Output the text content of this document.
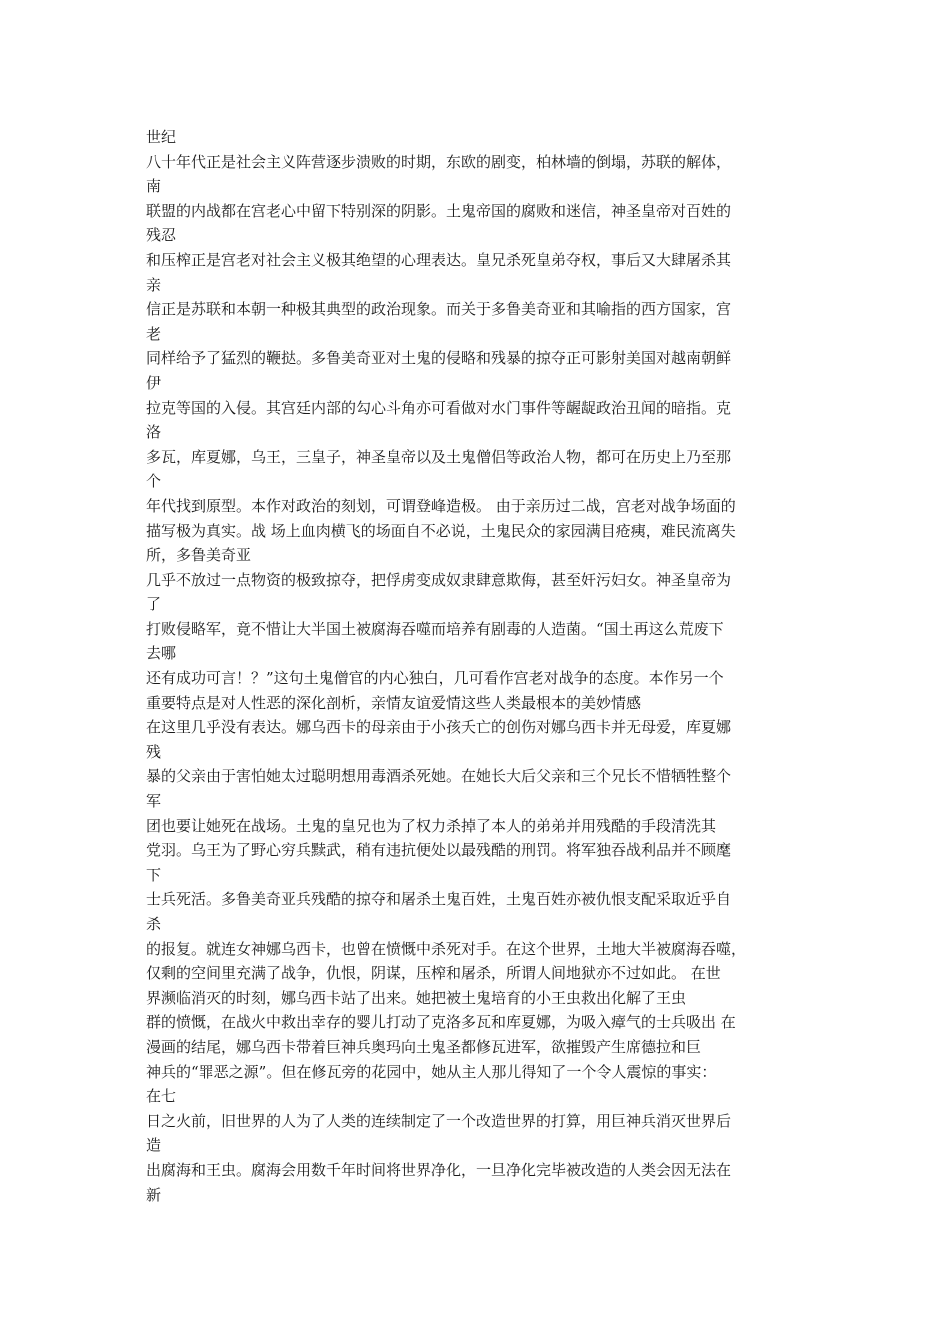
世纪
八十年代正是社会主义阵营逐步溃败的时期，东欧的剧变，柏林墙的倒塌，苏联的解体，
南
联盟的内战都在宫老心中留下特别深的阴影。土鬼帝国的腐败和迷信，神圣皇帝对百姓的
残忍
和压榨正是宫老对社会主义极其绝望的心理表达。皇兄杀死皇弟夺权，事后又大肆屠杀其
亲
信正是苏联和本朝一种极其典型的政治现象。而关于多鲁美奇亚和其喻指的西方国家，宫
老
同样给予了猛烈的鞭挞。多鲁美奇亚对土鬼的侵略和残暴的掠夺正可影射美国对越南朝鲜
伊
拉克等国的入侵。其宫廷内部的勾心斗角亦可看做对水门事件等龌龊政治丑闻的暗指。克
洛
多瓦，库夏娜，乌王，三皇子，神圣皇帝以及土鬼僧侣等政治人物，都可在历史上乃至那
个
年代找到原型。本作对政治的刻划，可谓登峰造极。 由于亲历过二战，宫老对战争场面的
描写极为真实。战 场上血肉横飞的场面自不必说，土鬼民众的家园满目疮痍，难民流离失
所，多鲁美奇亚
几乎不放过一点物资的极致掠夺，把俘虏变成奴隶肆意欺侮，甚至奸污妇女。神圣皇帝为
了
打败侵略军，竟不惜让大半国土被腐海吞噬而培养有剧毒的人造菌。“国土再这么荒废下
去哪
还有成功可言！？”这句土鬼僧官的内心独白，几可看作宫老对战争的态度。本作另一个
重要特点是对人性恶的深化剖析，亲情友谊爱情这些人类最根本的美妙情感
在这里几乎没有表达。娜乌西卡的母亲由于小孩夭亡的创伤对娜乌西卡并无母爱，库夏娜
残
暴的父亲由于害怕她太过聪明想用毒酒杀死她。在她长大后父亲和三个兄长不惜牺牲整个
军
团也要让她死在战场。土鬼的皇兄也为了权力杀掉了本人的弟弟并用残酷的手段清洗其
党羽。乌王为了野心穷兵黩武，稍有违抗便处以最残酷的刑罚。将军独吞战利品并不顾麾
下
士兵死活。多鲁美奇亚兵残酷的掠夺和屠杀土鬼百姓，土鬼百姓亦被仇恨支配采取近乎自
杀
的报复。就连女神娜乌西卡，也曾在愤慨中杀死对手。在这个世界，土地大半被腐海吞噬，
仅剩的空间里充满了战争，仇恨，阴谋，压榨和屠杀，所谓人间地狱亦不过如此。 在世
界濒临消灭的时刻，娜乌西卡站了出来。她把被土鬼培育的小王虫救出化解了王虫
群的愤慨，在战火中救出幸存的婴儿打动了克洛多瓦和库夏娜，为吸入瘴气的士兵吸出 在
漫画的结尾，娜乌西卡带着巨神兵奥玛向土鬼圣都修瓦进军，欲摧毁产生席德拉和巨
神兵的“罪恶之源”。但在修瓦旁的花园中，她从主人那儿得知了一个令人震惊的事实：
在七
日之火前，旧世界的人为了人类的连续制定了一个改造世界的打算，用巨神兵消灭世界后
造
出腐海和王虫。腐海会用数千年时间将世界净化，一旦净化完毕被改造的人类会因无法在
新
